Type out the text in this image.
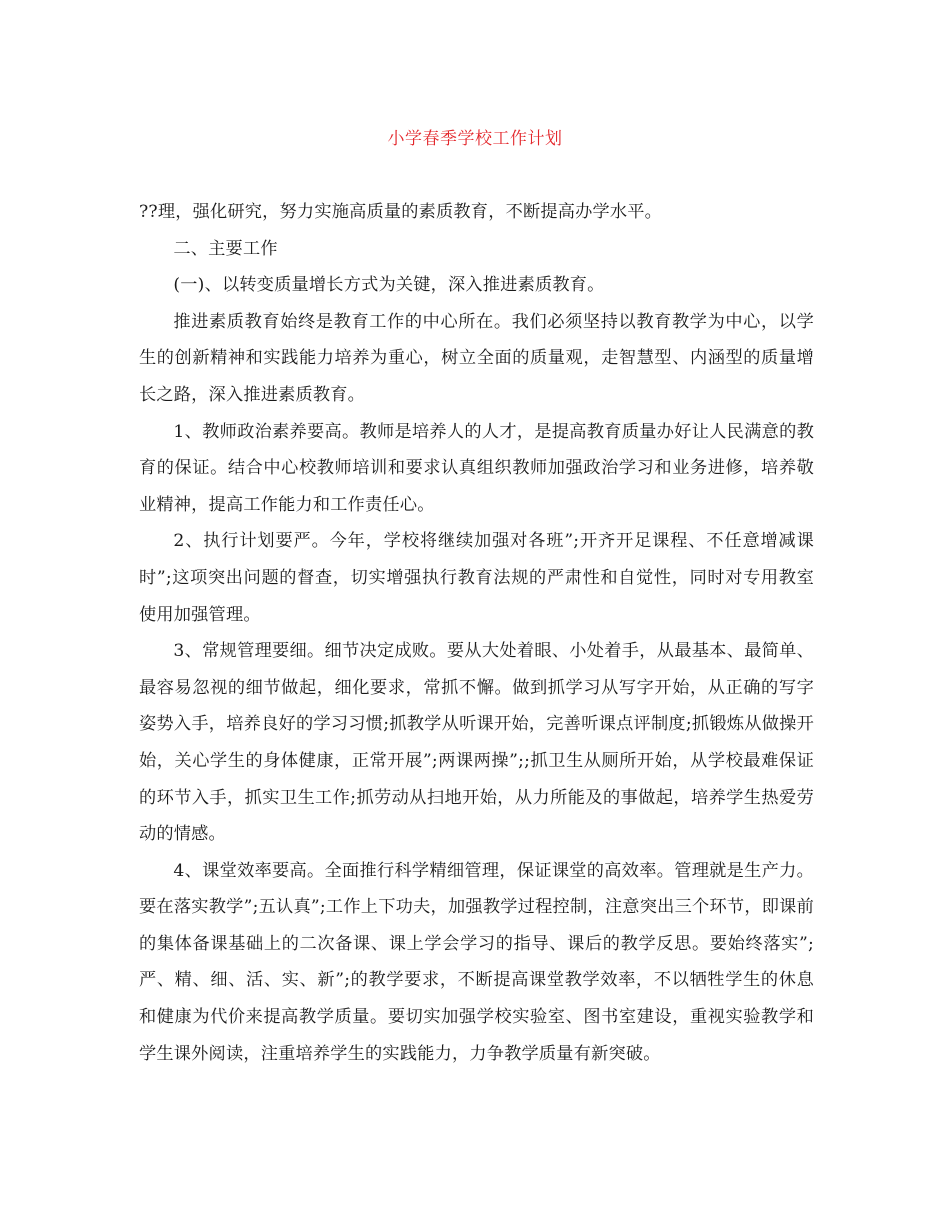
小学春季学校工作计划

??理，强化研究，努力实施高质量的素质教育，不断提高办学水平。

二、主要工作

(一)、以转变质量增长方式为关键，深入推进素质教育。

推进素质教育始终是教育工作的中心所在。我们必须坚持以教育教学为中心，以学生的创新精神和实践能力培养为重心，树立全面的质量观，走智慧型、内涵型的质量增长之路，深入推进素质教育。

1、教师政治素养要高。教师是培养人的人才，是提高教育质量办好让人民满意的教育的保证。结合中心校教师培训和要求认真组织教师加强政治学习和业务进修，培养敬业精神，提高工作能力和工作责任心。

2、执行计划要严。今年，学校将继续加强对各班”;开齐开足课程、不任意增减课时”;这项突出问题的督查，切实增强执行教育法规的严肃性和自觉性，同时对专用教室使用加强管理。

3、常规管理要细。细节决定成败。要从大处着眼、小处着手，从最基本、最简单、最容易忽视的细节做起，细化要求，常抓不懈。做到抓学习从写字开始，从正确的写字姿势入手，培养良好的学习习惯;抓教学从听课开始，完善听课点评制度;抓锻炼从做操开始，关心学生的身体健康，正常开展”;两课两操”;;抓卫生从厕所开始，从学校最难保证的环节入手，抓实卫生工作;抓劳动从扫地开始，从力所能及的事做起，培养学生热爱劳动的情感。

4、课堂效率要高。全面推行科学精细管理，保证课堂的高效率。管理就是生产力。要在落实教学”;五认真”;工作上下功夫，加强教学过程控制，注意突出三个环节，即课前的集体备课基础上的二次备课、课上学会学习的指导、课后的教学反思。要始终落实”;严、精、细、活、实、新”;的教学要求，不断提高课堂教学效率，不以牺牲学生的休息和健康为代价来提高教学质量。要切实加强学校实验室、图书室建设，重视实验教学和学生课外阅读，注重培养学生的实践能力，力争教学质量有新突破。
